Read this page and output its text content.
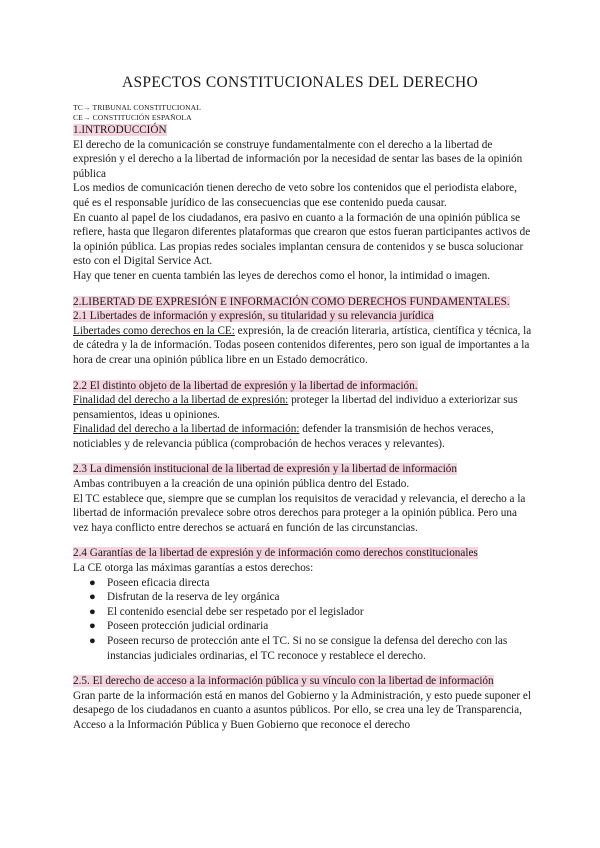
ASPECTOS CONSTITUCIONALES DEL DERECHO
TC→ TRIBUNAL CONSTITUCIONAL
CE→ CONSTITUCIÓN ESPAÑOLA

1.INTRODUCCIÓN

El derecho de la comunicación se construye fundamentalmente con el derecho a la libertad de expresión y el derecho a la libertad de información por la necesidad de sentar las bases de la opinión pública

Los medios de comunicación tienen derecho de veto sobre los contenidos que el periodista elabore, qué es el responsable jurídico de las consecuencias que ese contenido pueda causar.

En cuanto al papel de los ciudadanos, era pasivo en cuanto a la formación de una opinión pública se refiere, hasta que llegaron diferentes plataformas que crearon que estos fueran participantes activos de la opinión pública. Las propias redes sociales implantan censura de contenidos y se busca solucionar esto con el Digital Service Act.

Hay que tener en cuenta también las leyes de derechos como el honor, la intimidad o imagen.

2.LIBERTAD DE EXPRESIÓN E INFORMACIÓN COMO DERECHOS FUNDAMENTALES.

2.1 Libertades de información y expresión, su titularidad y su relevancia jurídica

Libertades como derechos en la CE: expresión, la de creación literaria, artística, científica y técnica, la de cátedra y la de información. Todas poseen contenidos diferentes, pero son igual de importantes a la hora de crear una opinión pública libre en un Estado democrático.

2.2 El distinto objeto de la libertad de expresión y la libertad de información.

Finalidad del derecho a la libertad de expresión: proteger la libertad del individuo a exteriorizar sus pensamientos, ideas u opiniones.

Finalidad del derecho a la libertad de información: defender la transmisión de hechos veraces, noticiables y de relevancia pública (comprobación de hechos veraces y relevantes).

2.3 La dimensión institucional de la libertad de expresión y la libertad de información

Ambas contribuyen a la creación de una opinión pública dentro del Estado.

El TC establece que, siempre que se cumplan los requisitos de veracidad y relevancia, el derecho a la libertad de información prevalece sobre otros derechos para proteger a la opinión pública. Pero una vez haya conflicto entre derechos se actuará en función de las circunstancias.

2.4 Garantías de la libertad de expresión y de información como derechos constitucionales

La CE otorga las máximas garantías a estos derechos:

● Poseen eficacia directa
● Disfrutan de la reserva de ley orgánica
● El contenido esencial debe ser respetado por el legislador
● Poseen protección judicial ordinaria
● Poseen recurso de protección ante el TC. Si no se consigue la defensa del derecho con las instancias judiciales ordinarias, el TC reconoce y restablece el derecho.

2.5. El derecho de acceso a la información pública y su vínculo con la libertad de información

Gran parte de la información está en manos del Gobierno y la Administración, y esto puede suponer el desapego de los ciudadanos en cuanto a asuntos públicos. Por ello, se crea una ley de Transparencia, Acceso a la Información Pública y Buen Gobierno que reconoce el derecho
